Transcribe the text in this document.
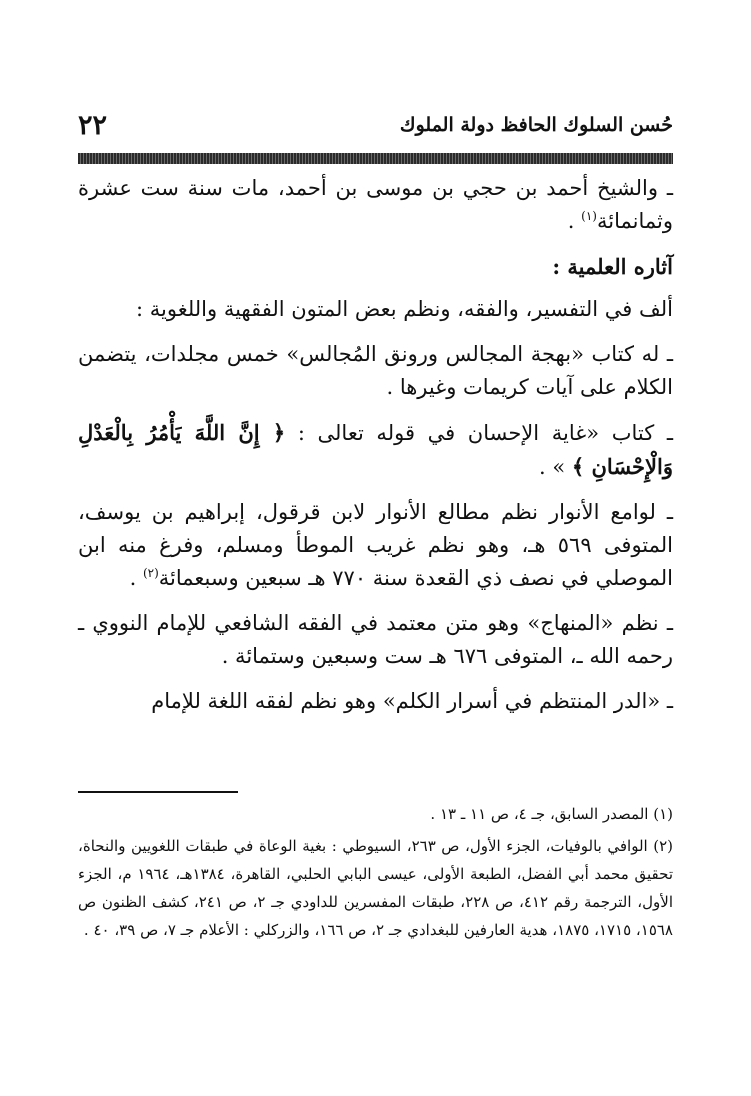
حُسن السلوك الحافظ دولة الملوك
٢٢

ـ والشيخ أحمد بن حجي بن موسى بن أحمد، مات سنة ست عشرة وثمانمائة$^{(١)}$ .

آثاره العلمية :

ألف في التفسير، والفقه، ونظم بعض المتون الفقهية واللغوية :

ـ له كتاب «بهجة المجالس ورونق المُجالس» خمس مجلدات، يتضمن الكلام على آيات كريمات وغيرها .

ـ كتاب «غاية الإحسان في قوله تعالى : ﴿ إِنَّ اللَّهَ يَأْمُرُ بِالْعَدْلِ وَالْإِحْسَانِ ﴾ » .

ـ لوامع الأنوار نظم مطالع الأنوار لابن قرقول، إبراهيم بن يوسف، المتوفى ٥٦٩ هـ، وهو نظم غريب الموطأ ومسلم، وفرغ منه ابن الموصلي في نصف ذي القعدة سنة ٧٧٠ هـ سبعين وسبعمائة$^{(٢)}$ .

ـ نظم «المنهاج» وهو متن معتمد في الفقه الشافعي للإمام النووي ـ رحمه الله ـ، المتوفى ٦٧٦ هـ ست وسبعين وستمائة .

ـ «الدر المنتظم في أسرار الكلم» وهو نظم لفقه اللغة للإمام

(١) المصدر السابق، جـ ٤، ص ١١ ـ ١٣ .

(٢) الوافي بالوفيات، الجزء الأول، ص ٢٦٣، السيوطي : بغية الوعاة في طبقات اللغويين والنحاة، تحقيق محمد أبي الفضل، الطبعة الأولى، عيسى البابي الحلبي، القاهرة، ١٣٨٤هـ، ١٩٦٤ م، الجزء الأول، الترجمة رقم ٤١٢، ص ٢٢٨، طبقات المفسرين للداودي جـ ٢، ص ٢٤١، كشف الظنون ص ١٥٦٨، ١٧١٥، ١٨٧٥، هدية العارفين للبغدادي جـ ٢، ص ١٦٦، والزركلي : الأعلام جـ ٧، ص ٣٩، ٤٠ .
